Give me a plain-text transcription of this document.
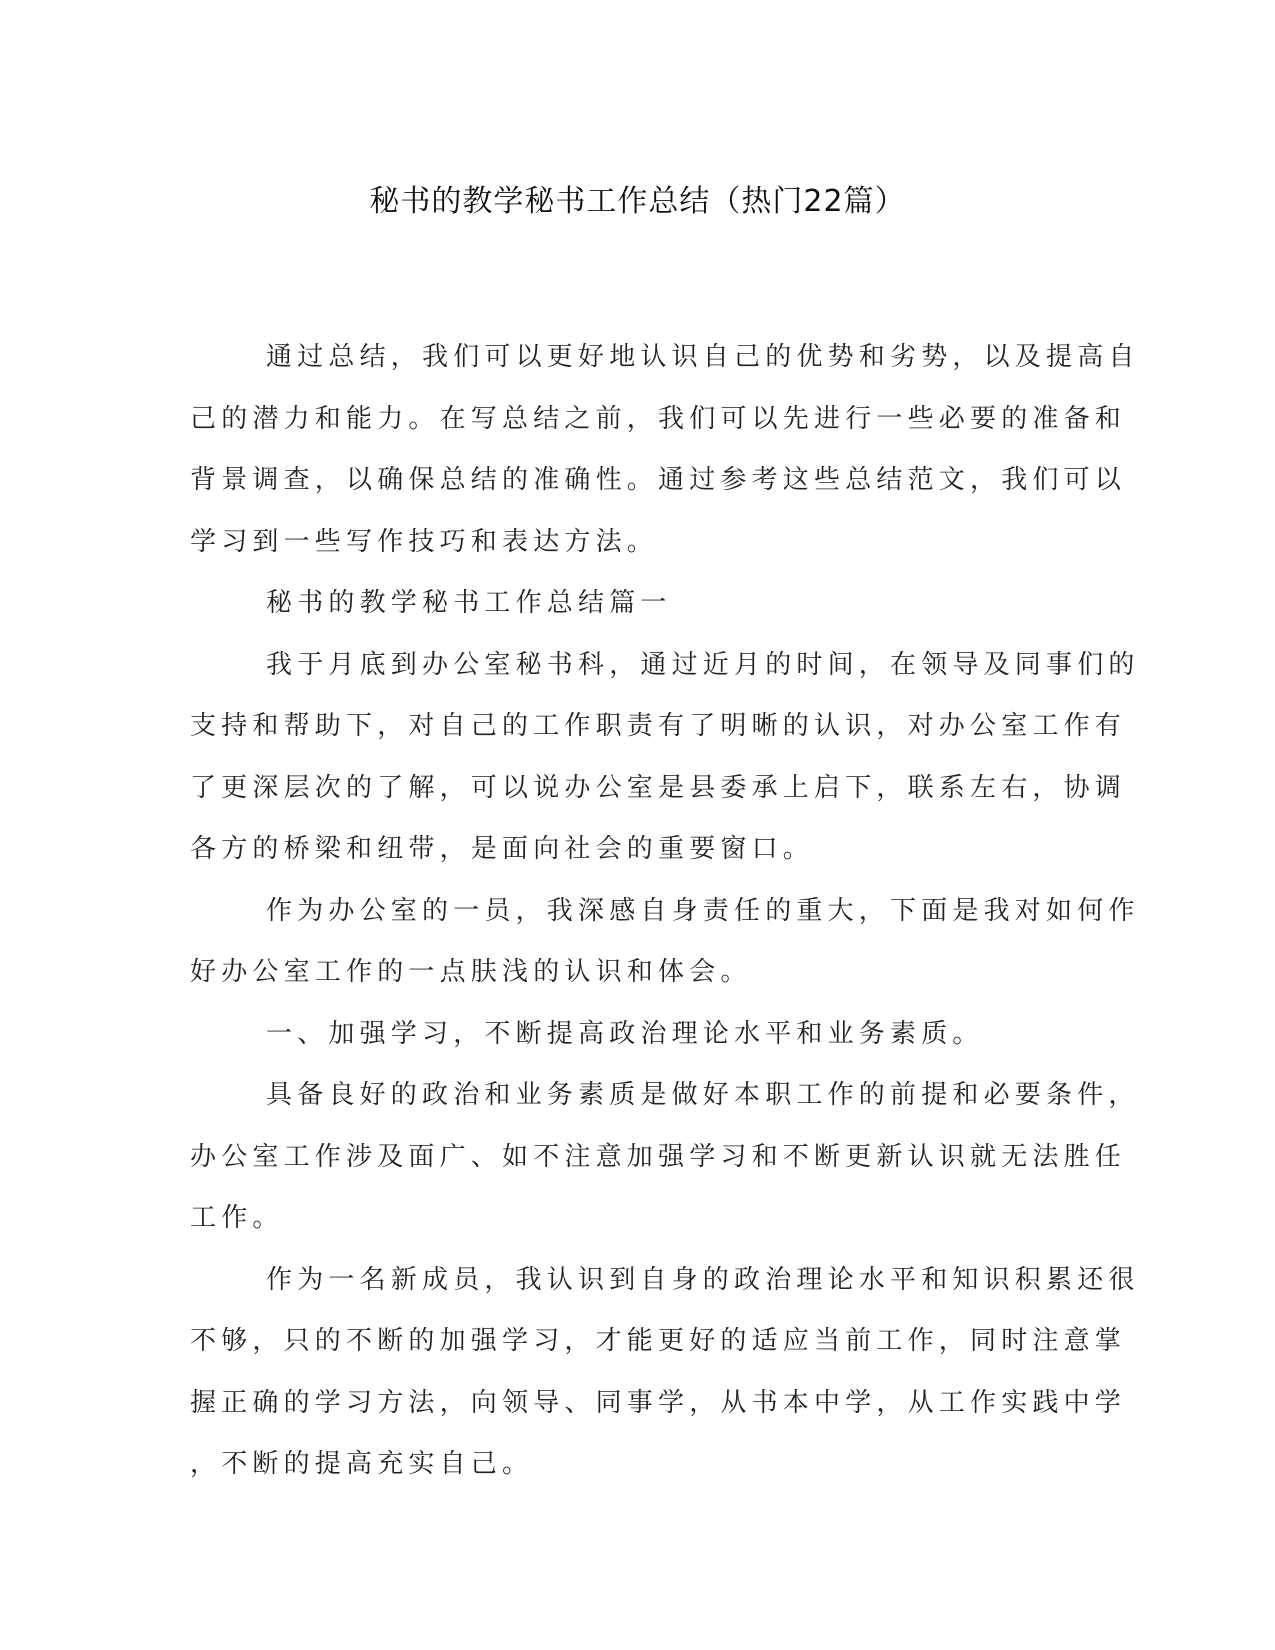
秘书的教学秘书工作总结（热门22篇）
通过总结，我们可以更好地认识自己的优势和劣势，以及提高自
己的潜力和能力。在写总结之前，我们可以先进行一些必要的准备和
背景调查，以确保总结的准确性。通过参考这些总结范文，我们可以
学习到一些写作技巧和表达方法。
秘书的教学秘书工作总结篇一
我于月底到办公室秘书科，通过近月的时间，在领导及同事们的
支持和帮助下，对自己的工作职责有了明晰的认识，对办公室工作有
了更深层次的了解，可以说办公室是县委承上启下，联系左右，协调
各方的桥梁和纽带，是面向社会的重要窗口。
作为办公室的一员，我深感自身责任的重大，下面是我对如何作
好办公室工作的一点肤浅的认识和体会。
一、加强学习，不断提高政治理论水平和业务素质。
具备良好的政治和业务素质是做好本职工作的前提和必要条件，
办公室工作涉及面广、如不注意加强学习和不断更新认识就无法胜任
工作。
作为一名新成员，我认识到自身的政治理论水平和知识积累还很
不够，只的不断的加强学习，才能更好的适应当前工作，同时注意掌
握正确的学习方法，向领导、同事学，从书本中学，从工作实践中学
，不断的提高充实自己。
